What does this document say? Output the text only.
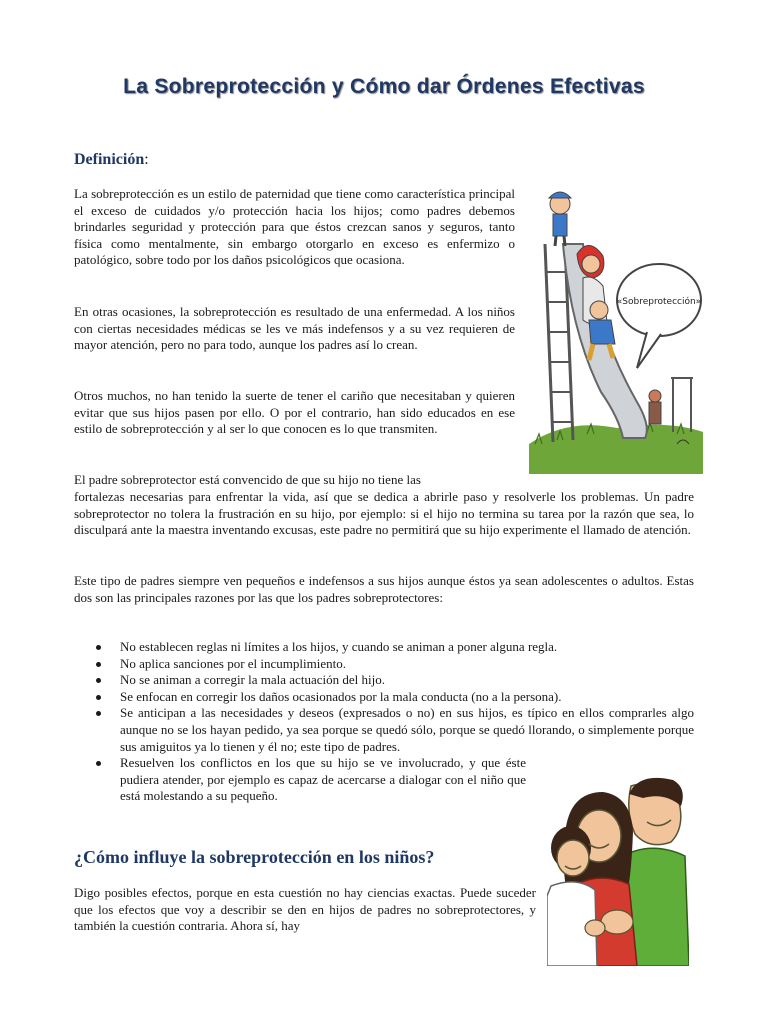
La Sobreprotección y Cómo dar Órdenes Efectivas
Definición:
La sobreprotección es un estilo de paternidad que tiene como característica principal el exceso de cuidados y/o protección hacia los hijos; como padres debemos brindarles seguridad y protección para que éstos crezcan sanos y seguros, tanto física como mentalmente, sin embargo otorgarlo en exceso es enfermizo o patológico, sobre todo por los daños psicológicos que ocasiona.
En otras ocasiones, la sobreprotección es resultado de una enfermedad. A los niños con ciertas necesidades médicas se les ve más indefensos y a su vez requieren de mayor atención, pero no para todo, aunque los padres así lo crean.
Otros muchos, no han tenido la suerte de tener el cariño que necesitaban y quieren evitar que sus hijos pasen por ello. O por el contrario, han sido educados en ese estilo de sobreprotección y al ser lo que conocen es lo que transmiten.
El padre sobreprotector está convencido de que su hijo no tiene las
fortalezas necesarias para enfrentar la vida, así que se dedica a abrirle paso y resolverle los problemas. Un padre sobreprotector no tolera la frustración en su hijo, por ejemplo: si el hijo no termina su tarea por la razón que sea, lo disculpará ante la maestra inventando excusas, este padre no permitirá que su hijo experimente el llamado de atención.
Este tipo de padres siempre ven pequeños e indefensos a sus hijos aunque éstos ya sean adolescentes o adultos. Estas dos son las principales razones por las que los padres sobreprotectores:
No establecen reglas ni límites a los hijos, y cuando se animan a poner alguna regla.
No aplica sanciones por el incumplimiento.
No se animan a corregir la mala actuación del hijo.
Se enfocan en corregir los daños ocasionados por la mala conducta (no a la persona).
Se anticipan a las necesidades y deseos (expresados o no) en sus hijos, es típico en ellos comprarles algo aunque no se los hayan pedido, ya sea porque se quedó sólo, porque se quedó llorando, o simplemente porque sus amiguitos ya lo tienen y él no; este tipo de padres.
Resuelven los conflictos en los que su hijo se ve involucrado, y que éste pudiera atender, por ejemplo es capaz de acercarse a dialogar con el niño que está molestando a su pequeño.
¿Cómo influye la sobreprotección en los niños?
Digo posibles efectos, porque en esta cuestión no hay ciencias exactas. Puede suceder que los efectos que voy a describir se den en hijos de padres no sobreprotectores, y también la cuestión contraria. Ahora sí, hay
«Sobreprotección»
